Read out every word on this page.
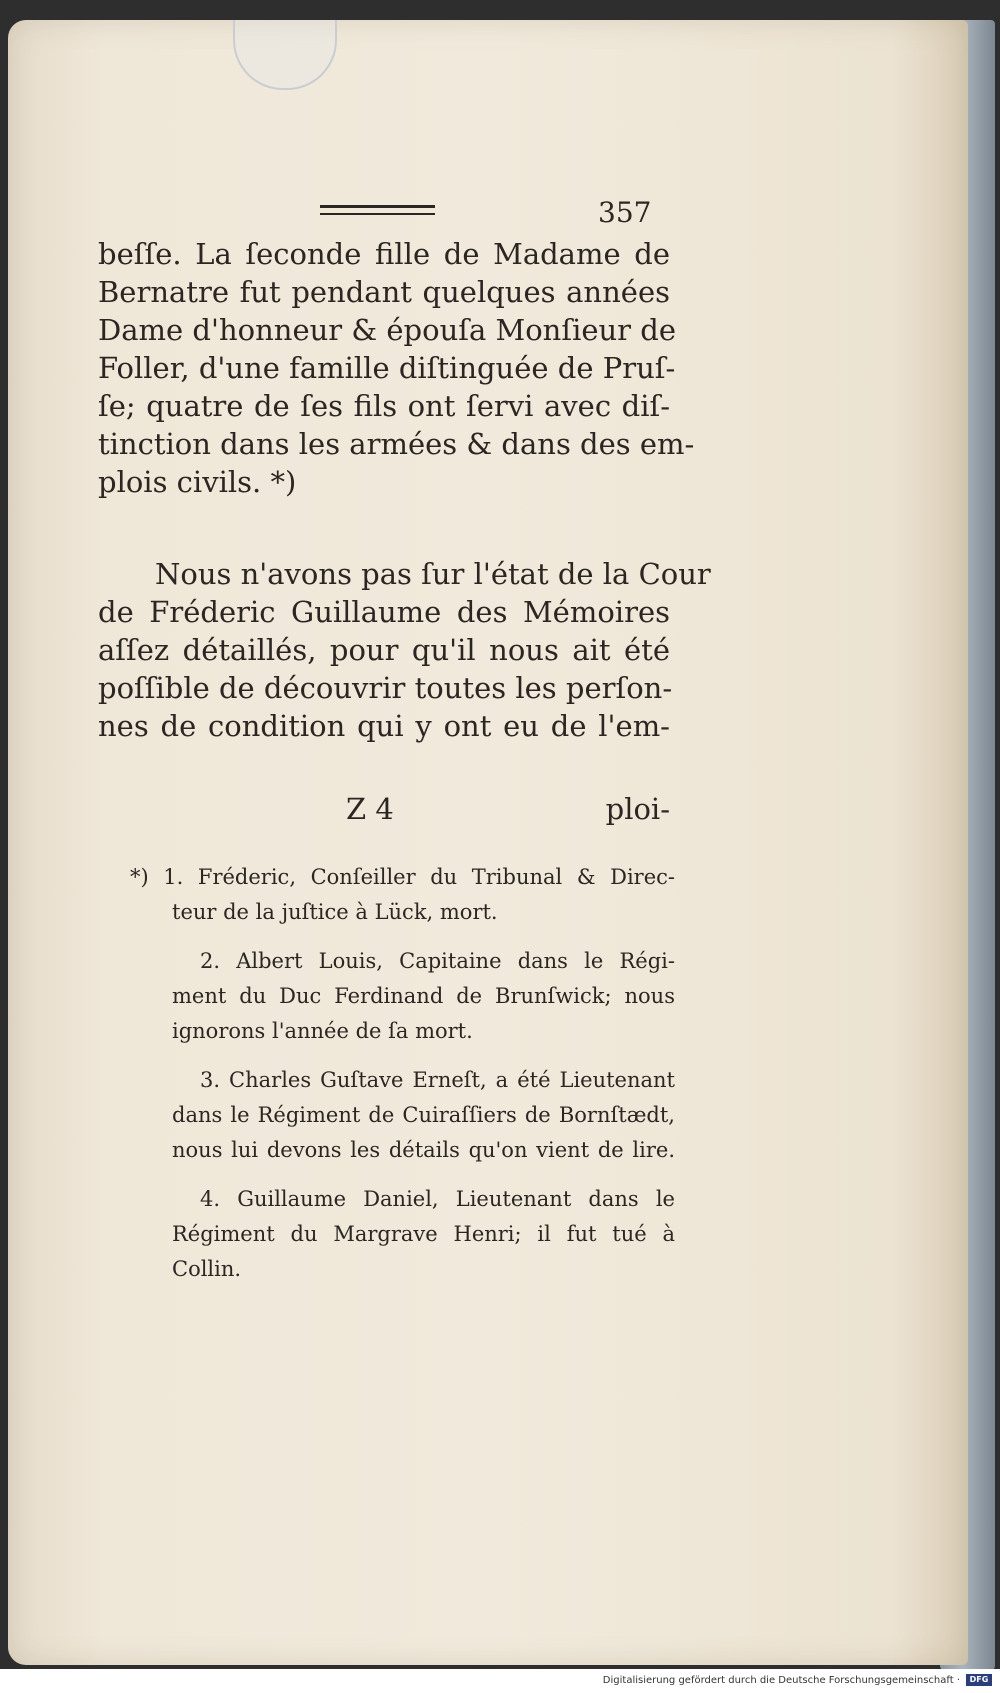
357
beſſe. La ſeconde fille de Madame de
Bernatre fut pendant quelques années
Dame d'honneur & épouſa Monſieur de
Foller, d'une famille diſtinguée de Pruſ-
ſe; quatre de ſes fils ont ſervi avec diſ-
tinction dans les armées & dans des em-
plois civils. *)
Nous n'avons pas ſur l'état de la Cour
de Fréderic Guillaume des Mémoires
aſſez détaillés, pour qu'il nous ait été
poſſible de découvrir toutes les perſon-
nes de condition qui y ont eu de l'em-
Z 4	ploi-
*) 1. Fréderic, Conſeiller du Tribunal & Direc-
teur de la juſtice à Lück, mort.
2. Albert Louis, Capitaine dans le Régi-
ment du Duc Ferdinand de Brunſwick; nous
ignorons l'année de ſa mort.
3. Charles Guſtave Erneſt, a été Lieutenant
dans le Régiment de Cuiraſſiers de Bornſtædt,
nous lui devons les détails qu'on vient de lire.
4. Guillaume Daniel, Lieutenant dans le
Régiment du Margrave Henri; il fut tué à
Collin.
Digitalisierung gefördert durch die Deutsche Forschungsgemeinschaft ·	DFG
